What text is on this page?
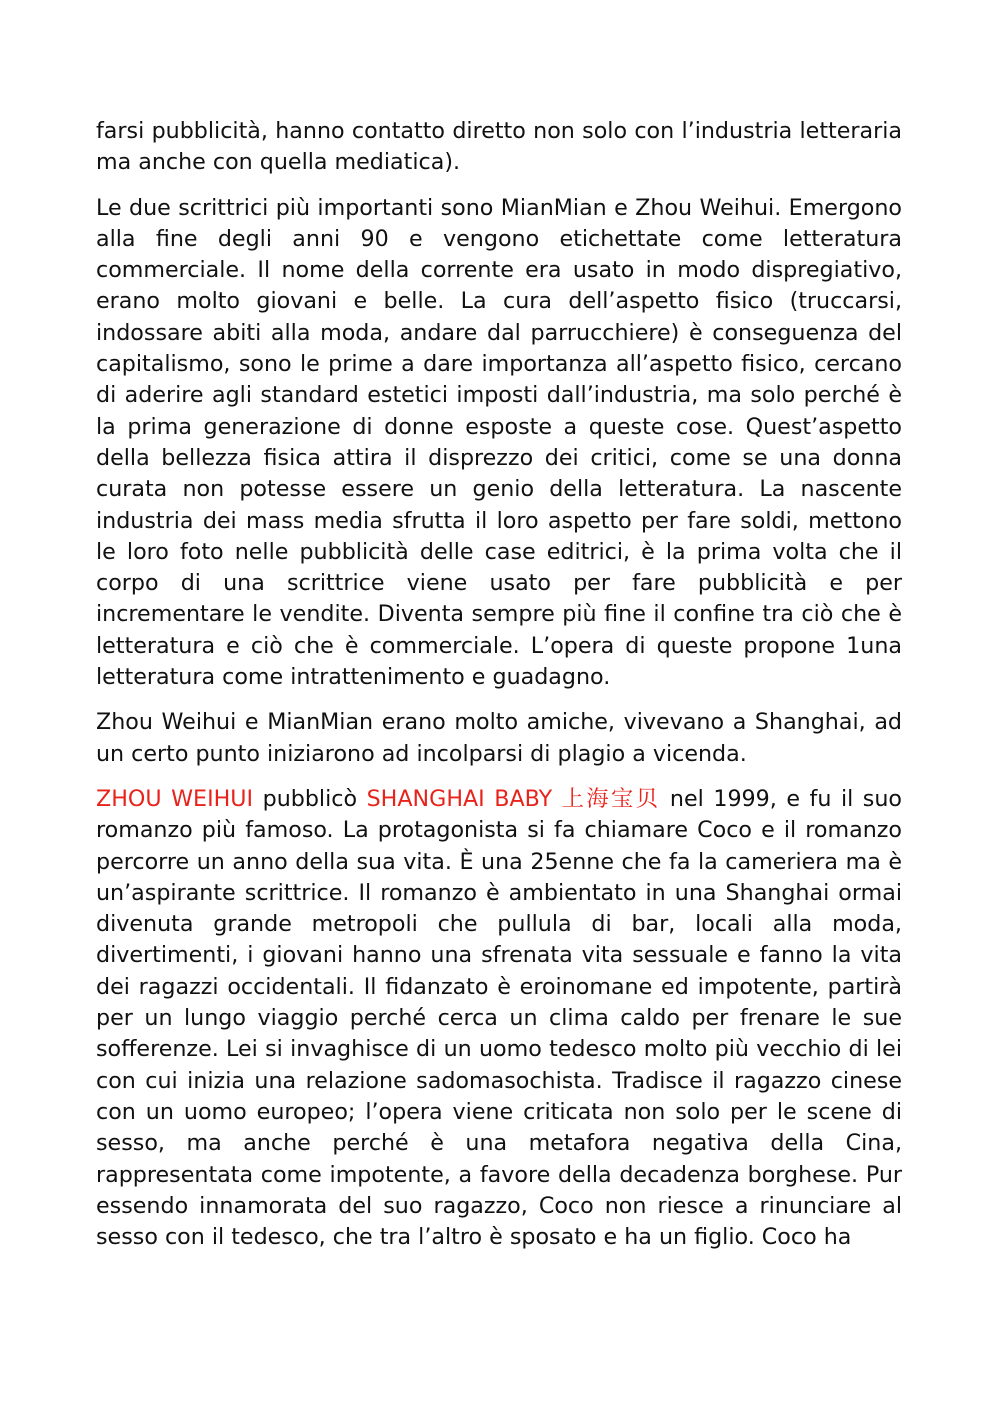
farsi pubblicità, hanno contatto diretto non solo con l’industria letteraria ma anche con quella mediatica).

Le due scrittrici più importanti sono MianMian e Zhou Weihui. Emergono alla fine degli anni 90 e vengono etichettate come letteratura commerciale. Il nome della corrente era usato in modo dispregiativo, erano molto giovani e belle. La cura dell’aspetto fisico (truccarsi, indossare abiti alla moda, andare dal parrucchiere) è conseguenza del capitalismo, sono le prime a dare importanza all’aspetto fisico, cercano di aderire agli standard estetici imposti dall’industria, ma solo perché è la prima generazione di donne esposte a queste cose. Quest’aspetto della bellezza fisica attira il disprezzo dei critici, come se una donna curata non potesse essere un genio della letteratura. La nascente industria dei mass media sfrutta il loro aspetto per fare soldi, mettono le loro foto nelle pubblicità delle case editrici, è la prima volta che il corpo di una scrittrice viene usato per fare pubblicità e per incrementare le vendite. Diventa sempre più fine il confine tra ciò che è letteratura e ciò che è commerciale. L’opera di queste propone 1una letteratura come intrattenimento e guadagno.

Zhou Weihui e MianMian erano molto amiche, vivevano a Shanghai, ad un certo punto iniziarono ad incolparsi di plagio a vicenda.

ZHOU WEIHUI pubblicò SHANGHAI BABY 上海宝贝 nel 1999, e fu il suo romanzo più famoso. La protagonista si fa chiamare Coco e il romanzo percorre un anno della sua vita. È una 25enne che fa la cameriera ma è un’aspirante scrittrice. Il romanzo è ambientato in una Shanghai ormai divenuta grande metropoli che pullula di bar, locali alla moda, divertimenti, i giovani hanno una sfrenata vita sessuale e fanno la vita dei ragazzi occidentali. Il fidanzato è eroinomane ed impotente, partirà per un lungo viaggio perché cerca un clima caldo per frenare le sue sofferenze. Lei si invaghisce di un uomo tedesco molto più vecchio di lei con cui inizia una relazione sadomasochista. Tradisce il ragazzo cinese con un uomo europeo; l’opera viene criticata non solo per le scene di sesso, ma anche perché è una metafora negativa della Cina, rappresentata come impotente, a favore della decadenza borghese. Pur essendo innamorata del suo ragazzo, Coco non riesce a rinunciare al sesso con il tedesco, che tra l’altro è sposato e ha un figlio. Coco ha
